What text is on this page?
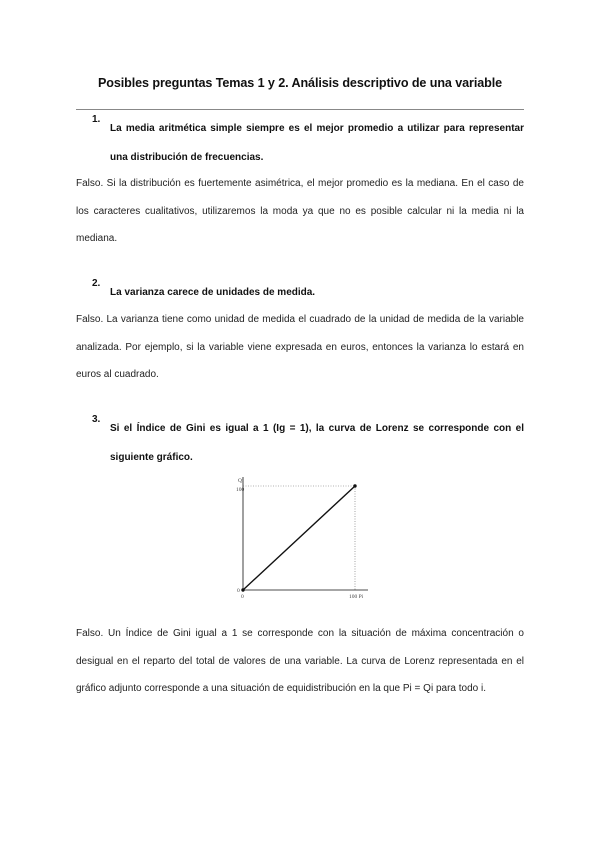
Posibles preguntas Temas 1 y 2. Análisis descriptivo de una variable
1.
La media aritmética simple siempre es el mejor promedio a utilizar para representar una distribución de frecuencias.
Falso. Si la distribución es fuertemente asimétrica, el mejor promedio es la mediana. En el caso de los caracteres cualitativos, utilizaremos la moda ya que no es posible calcular ni la media ni la mediana.
2.
La varianza carece de unidades de medida.
Falso. La varianza tiene como unidad de medida el cuadrado de la unidad de medida de la variable analizada. Por ejemplo, si la variable viene expresada en euros, entonces la varianza lo estará en euros al cuadrado.
3.
Si el Índice de Gini es igual a 1 (Ig = 1), la curva de Lorenz se corresponde con el siguiente gráfico.
Qi
100
0
0	100 Pi
Falso. Un Índice de Gini igual a 1 se corresponde con la situación de máxima concentración o desigual en el reparto del total de valores de una variable. La curva de Lorenz representada en el gráfico adjunto corresponde a una situación de equidistribución en la que Pi = Qi para todo i.
